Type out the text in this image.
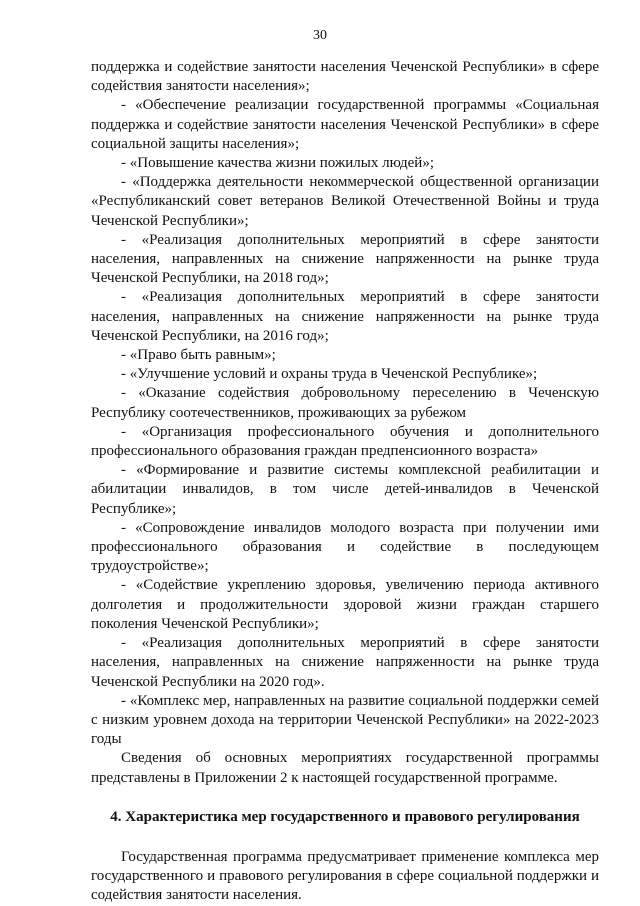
30

поддержка и содействие занятости населения Чеченской Республики» в сфере содействия занятости населения»;

- «Обеспечение реализации государственной программы «Социальная поддержка и содействие занятости населения Чеченской Республики» в сфере социальной защиты населения»;

- «Повышение качества жизни пожилых людей»;

- «Поддержка деятельности некоммерческой общественной организации «Республиканский совет ветеранов Великой Отечественной Войны и труда Чеченской Республики»;

- «Реализация дополнительных мероприятий в сфере занятости населения, направленных на снижение напряженности на рынке труда Чеченской Республики, на 2018 год»;

- «Реализация дополнительных мероприятий в сфере занятости населения, направленных на снижение напряженности на рынке труда Чеченской Республики, на 2016 год»;

- «Право быть равным»;

- «Улучшение условий и охраны труда в Чеченской Республике»;

- «Оказание содействия добровольному переселению в Чеченскую Республику соотечественников, проживающих за рубежом

- «Организация профессионального обучения и дополнительного профессионального образования граждан предпенсионного возраста»

- «Формирование и развитие системы комплексной реабилитации и абилитации инвалидов, в том числе детей-инвалидов в Чеченской Республике»;

- «Сопровождение инвалидов молодого возраста при получении ими профессионального образования и содействие в последующем трудоустройстве»;

- «Содействие укреплению здоровья, увеличению периода активного долголетия и продолжительности здоровой жизни граждан старшего поколения Чеченской Республики»;

- «Реализация дополнительных мероприятий в сфере занятости населения, направленных на снижение напряженности на рынке труда Чеченской Республики на 2020 год».

- «Комплекс мер, направленных на развитие социальной поддержки семей с низким уровнем дохода на территории Чеченской Республики» на 2022-2023 годы

Сведения об основных мероприятиях государственной программы представлены в Приложении 2 к настоящей государственной программе.

4. Характеристика мер государственного и правового регулирования

Государственная программа предусматривает применение комплекса мер государственного и правового регулирования в сфере социальной поддержки и содействия занятости населения.
